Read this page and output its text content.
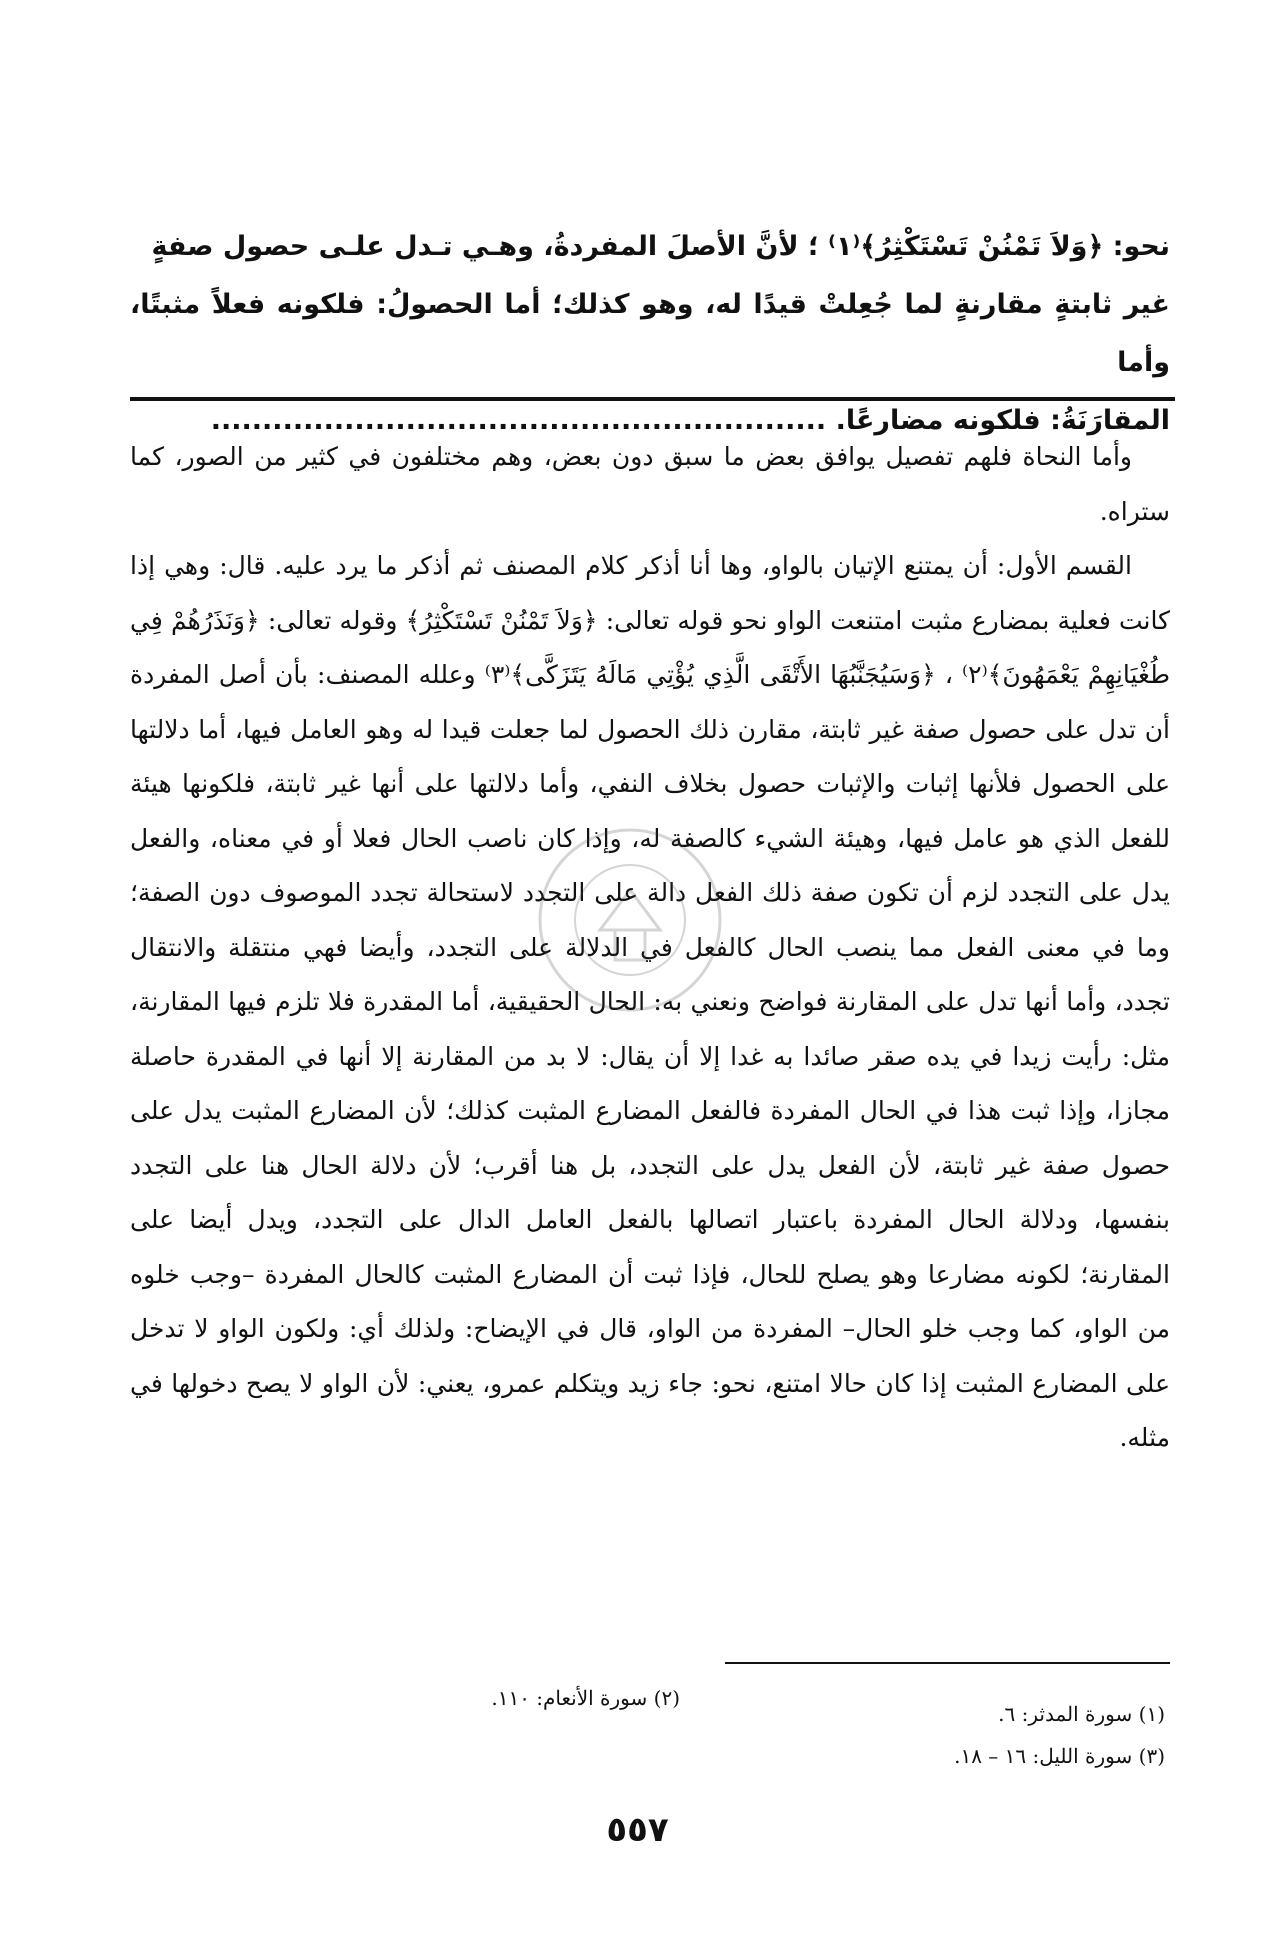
نحو: ﴿وَلاَ تَمْنُنْ تَسْتَكْثِرُ﴾⁽١⁾ ؛ لأنَّ الأصلَ المفردةُ، وهـي تـدل علـى حصول صفةٍ

غير ثابتةٍ مقارنةٍ لما جُعِلتْ قيدًا له، وهو كذلك؛ أما الحصولُ: فلكونه فعلاً مثبتًا، وأما

المقارَنَةُ: فلكونه مضارعًا. ............................................................

وأما النحاة فلهم تفصيل يوافق بعض ما سبق دون بعض، وهم مختلفون في كثير من الصور، كما ستراه.

القسم الأول: أن يمتنع الإتيان بالواو، وها أنا أذكر كلام المصنف ثم أذكر ما يرد عليه. قال: وهي إذا كانت فعلية بمضارع مثبت امتنعت الواو نحو قوله تعالى: ﴿وَلاَ تَمْنُنْ تَسْتَكْثِرُ﴾ وقوله تعالى: ﴿وَنَذَرُهُمْ فِي طُغْيَانِهِمْ يَعْمَهُونَ﴾⁽٢⁾ ، ﴿وَسَيُجَنَّبُهَا الأَتْقَى الَّذِي يُؤْتِي مَالَهُ يَتَزَكَّى﴾⁽٣⁾ وعلله المصنف: بأن أصل المفردة أن تدل على حصول صفة غير ثابتة، مقارن ذلك الحصول لما جعلت قيدا له وهو العامل فيها، أما دلالتها على الحصول فلأنها إثبات والإثبات حصول بخلاف النفي، وأما دلالتها على أنها غير ثابتة، فلكونها هيئة للفعل الذي هو عامل فيها، وهيئة الشيء كالصفة له، وإذا كان ناصب الحال فعلا أو في معناه، والفعل يدل على التجدد لزم أن تكون صفة ذلك الفعل دالة على التجدد لاستحالة تجدد الموصوف دون الصفة؛ وما في معنى الفعل مما ينصب الحال كالفعل في الدلالة على التجدد، وأيضا فهي منتقلة والانتقال تجدد، وأما أنها تدل على المقارنة فواضح ونعني به: الحال الحقيقية، أما المقدرة فلا تلزم فيها المقارنة، مثل: رأيت زيدا في يده صقر صائدا به غدا إلا أن يقال: لا بد من المقارنة إلا أنها في المقدرة حاصلة مجازا، وإذا ثبت هذا في الحال المفردة فالفعل المضارع المثبت كذلك؛ لأن المضارع المثبت يدل على حصول صفة غير ثابتة، لأن الفعل يدل على التجدد، بل هنا أقرب؛ لأن دلالة الحال هنا على التجدد بنفسها، ودلالة الحال المفردة باعتبار اتصالها بالفعل العامل الدال على التجدد، ويدل أيضا على المقارنة؛ لكونه مضارعا وهو يصلح للحال، فإذا ثبت أن المضارع المثبت كالحال المفردة –وجب خلوه من الواو، كما وجب خلو الحال– المفردة من الواو، قال في الإيضاح: ولذلك أي: ولكون الواو لا تدخل على المضارع المثبت إذا كان حالا امتنع، نحو: جاء زيد ويتكلم عمرو، يعني: لأن الواو لا يصح دخولها في مثله.

(١) سورة المدثر: ٦.
(٢) سورة الأنعام: ١١٠.
(٣) سورة الليل: ١٦ – ١٨.
٥٥٧
